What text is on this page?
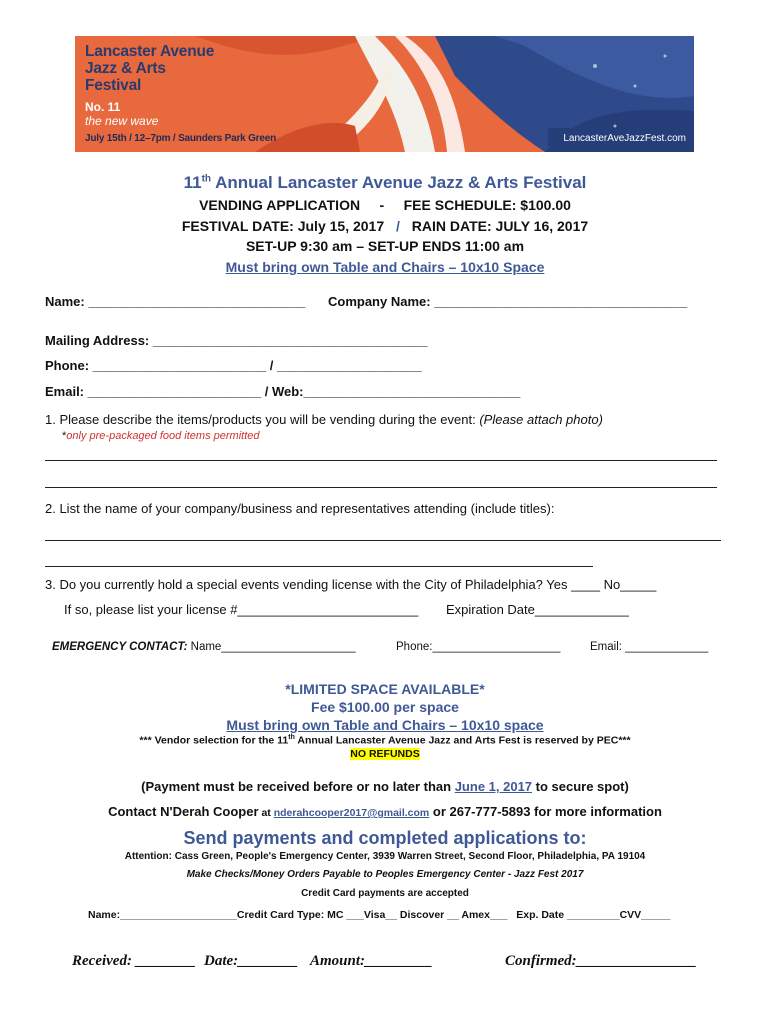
Lancaster Avenue
Jazz & Arts
Festival
No. 11
the new wave
July 15th / 12–7pm / Saunders Park Green	LancasterAveJazzFest.com
11th Annual Lancaster Avenue Jazz & Arts Festival
VENDING APPLICATION     -     FEE SCHEDULE: $100.00
FESTIVAL DATE: July 15, 2017 / RAIN DATE: JULY 16, 2017
SET-UP 9:30 am – SET-UP ENDS 11:00 am
Must bring own Table and Chairs – 10x10 Space
Name: ______________________________ Company Name: ___________________________________
Mailing Address: ______________________________________
Phone: ________________________ / ____________________
Email: ________________________ / Web:______________________________
1. Please describe the items/products you will be vending during the event: (Please attach photo)
*only pre-packaged food items permitted
2. List the name of your company/business and representatives attending (include titles):
3. Do you currently hold a special events vending license with the City of Philadelphia? Yes ____ No_____
If so, please list your license #_________________________ Expiration Date_____________
EMERGENCY CONTACT: Name_____________________	Phone:____________________	Email: _____________
*LIMITED SPACE AVAILABLE*
Fee $100.00 per space
Must bring own Table and Chairs – 10x10 space
*** Vendor selection for the 11th Annual Lancaster Avenue Jazz and Arts Fest is reserved by PEC***
NO REFUNDS
(Payment must be received before or no later than June 1, 2017 to secure spot)
Contact N'Derah Cooper at nderahcooper2017@gmail.com or 267-777-5893 for more information
Send payments and completed applications to:
Attention: Cass Green, People's Emergency Center, 3939 Warren Street, Second Floor, Philadelphia, PA 19104
Make Checks/Money Orders Payable to Peoples Emergency Center - Jazz Fest 2017
Credit Card payments are accepted
Name:____________________Credit Card Type: MC ___Visa__ Discover __ Amex___   Exp. Date _________CVV_____
Received: ________ Date:________ Amount:_________	Confirmed:________________
